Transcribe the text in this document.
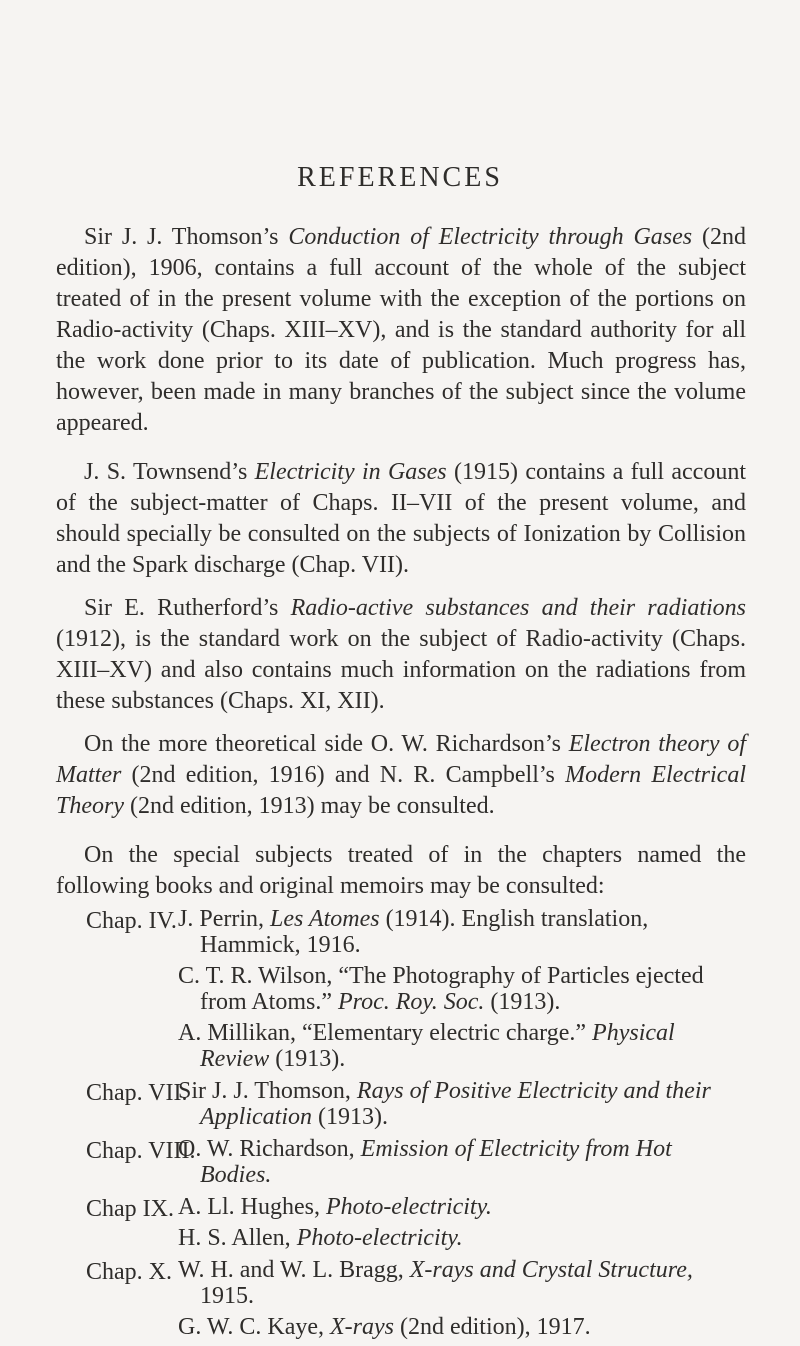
REFERENCES

Sir J. J. Thomson’s Conduction of Electricity through Gases (2nd edition), 1906, contains a full account of the whole of the subject treated of in the present volume with the exception of the portions on Radio-activity (Chaps. XIII–XV), and is the standard authority for all the work done prior to its date of publication. Much progress has, however, been made in many branches of the subject since the volume appeared.

J. S. Townsend’s Electricity in Gases (1915) contains a full account of the subject-matter of Chaps. II–VII of the present volume, and should specially be consulted on the subjects of Ionization by Collision and the Spark discharge (Chap. VII).

Sir E. Rutherford’s Radio-active substances and their radiations (1912), is the standard work on the subject of Radio-activity (Chaps. XIII–XV) and also contains much information on the radiations from these substances (Chaps. XI, XII).

On the more theoretical side O. W. Richardson’s Electron theory of Matter (2nd edition, 1916) and N. R. Campbell’s Modern Electrical Theory (2nd edition, 1913) may be consulted.

On the special subjects treated of in the chapters named the following books and original memoirs may be consulted:

Chap. IV. J. Perrin, Les Atomes (1914). English translation, Hammick, 1916.
C. T. R. Wilson, “The Photography of Particles ejected from Atoms.” Proc. Roy. Soc. (1913).
A. Millikan, “Elementary electric charge.” Physical Review (1913).
Chap. VII.
Sir J. J. Thomson, Rays of Positive Electricity and their Application (1913).
Chap. VIII.
O. W. Richardson, Emission of Electricity from Hot Bodies.
Chap IX. A. Ll. Hughes, Photo-electricity.
H. S. Allen, Photo-electricity.
Chap. X. W. H. and W. L. Bragg, X-rays and Crystal Structure, 1915.
G. W. C. Kaye, X-rays (2nd edition), 1917.
